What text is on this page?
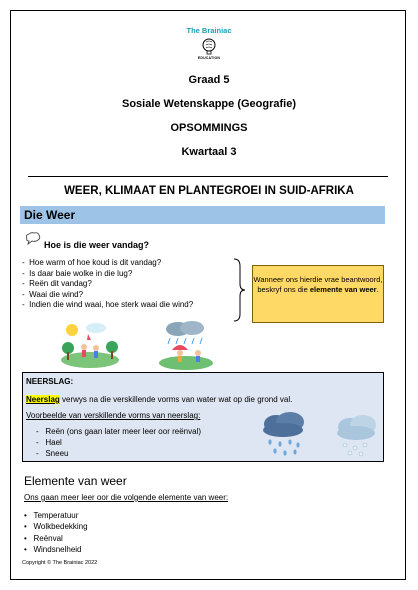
The Brainiac
EDUCATION
Graad 5
Sosiale Wetenskappe (Geografie)
OPSOMMINGS
Kwartaal 3
WEER, KLIMAAT EN PLANTEGROEI IN SUID-AFRIKA
Die Weer
Hoe is die weer vandag?
-  Hoe warm of hoe koud is dit vandag?
-  Is daar baie wolke in die lug?
-  Reën dit vandag?
-  Waai die wind?
-  Indien die wind waai, hoe sterk waai die wind?
Wanneer ons hierdie vrae beantwoord, beskryf ons die elemente van weer.
NEERSLAG:
Neerslag verwys na die verskillende vorms van water wat op die grond val.
Voorbeelde van verskillende vorms van neerslag:
-   Reën (ons gaan later meer leer oor reënval)
-   Hael
-   Sneeu
Elemente van weer
Ons gaan meer leer oor die volgende elemente van weer:
•   Temperatuur
•   Wolkbedekking
•   Reënval
•   Windsnelheid
Copyright © The Brainiac 2022
